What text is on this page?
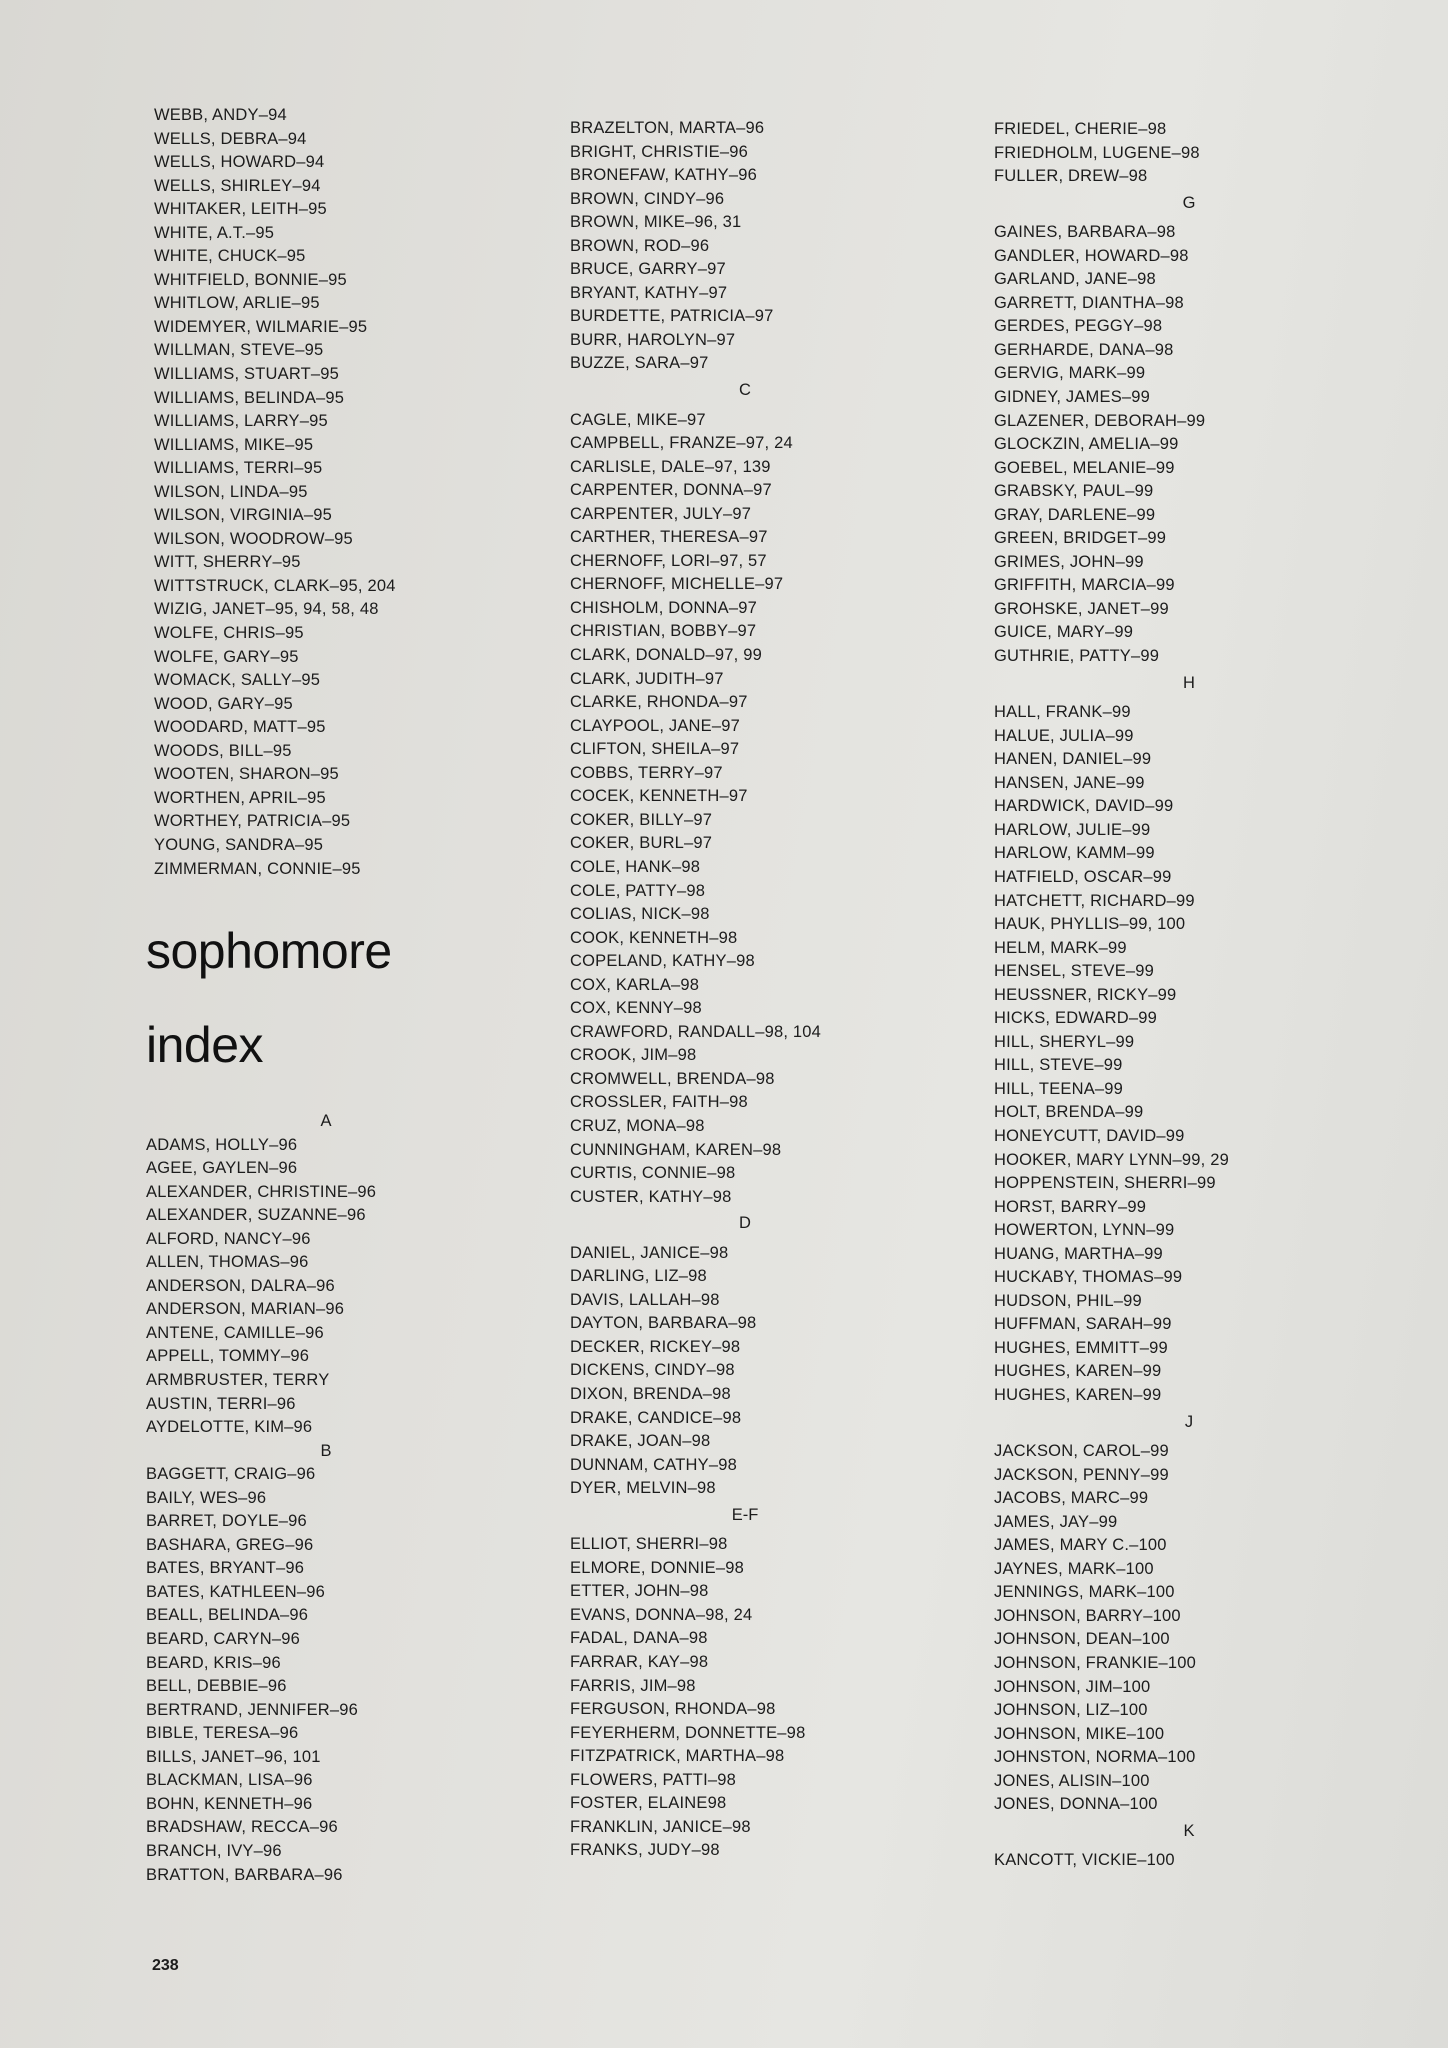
WEBB, ANDY–94
WELLS, DEBRA–94
WELLS, HOWARD–94
WELLS, SHIRLEY–94
WHITAKER, LEITH–95
WHITE, A.T.–95
WHITE, CHUCK–95
WHITFIELD, BONNIE–95
WHITLOW, ARLIE–95
WIDEMYER, WILMARIE–95
WILLMAN, STEVE–95
WILLIAMS, STUART–95
WILLIAMS, BELINDA–95
WILLIAMS, LARRY–95
WILLIAMS, MIKE–95
WILLIAMS, TERRI–95
WILSON, LINDA–95
WILSON, VIRGINIA–95
WILSON, WOODROW–95
WITT, SHERRY–95
WITTSTRUCK, CLARK–95, 204
WIZIG, JANET–95, 94, 58, 48
WOLFE, CHRIS–95
WOLFE, GARY–95
WOMACK, SALLY–95
WOOD, GARY–95
WOODARD, MATT–95
WOODS, BILL–95
WOOTEN, SHARON–95
WORTHEN, APRIL–95
WORTHEY, PATRICIA–95
YOUNG, SANDRA–95
ZIMMERMAN, CONNIE–95
sophomore
index
A
ADAMS, HOLLY–96
AGEE, GAYLEN–96
ALEXANDER, CHRISTINE–96
ALEXANDER, SUZANNE–96
ALFORD, NANCY–96
ALLEN, THOMAS–96
ANDERSON, DALRA–96
ANDERSON, MARIAN–96
ANTENE, CAMILLE–96
APPELL, TOMMY–96
ARMBRUSTER, TERRY
AUSTIN, TERRI–96
AYDELOTTE, KIM–96
B
BAGGETT, CRAIG–96
BAILY, WES–96
BARRET, DOYLE–96
BASHARA, GREG–96
BATES, BRYANT–96
BATES, KATHLEEN–96
BEALL, BELINDA–96
BEARD, CARYN–96
BEARD, KRIS–96
BELL, DEBBIE–96
BERTRAND, JENNIFER–96
BIBLE, TERESA–96
BILLS, JANET–96, 101
BLACKMAN, LISA–96
BOHN, KENNETH–96
BRADSHAW, RECCA–96
BRANCH, IVY–96
BRATTON, BARBARA–96
BRAZELTON, MARTA–96
BRIGHT, CHRISTIE–96
BRONEFAW, KATHY–96
BROWN, CINDY–96
BROWN, MIKE–96, 31
BROWN, ROD–96
BRUCE, GARRY–97
BRYANT, KATHY–97
BURDETTE, PATRICIA–97
BURR, HAROLYN–97
BUZZE, SARA–97
C
CAGLE, MIKE–97
CAMPBELL, FRANZE–97, 24
CARLISLE, DALE–97, 139
CARPENTER, DONNA–97
CARPENTER, JULY–97
CARTHER, THERESA–97
CHERNOFF, LORI–97, 57
CHERNOFF, MICHELLE–97
CHISHOLM, DONNA–97
CHRISTIAN, BOBBY–97
CLARK, DONALD–97, 99
CLARK, JUDITH–97
CLARKE, RHONDA–97
CLAYPOOL, JANE–97
CLIFTON, SHEILA–97
COBBS, TERRY–97
COCEK, KENNETH–97
COKER, BILLY–97
COKER, BURL–97
COLE, HANK–98
COLE, PATTY–98
COLIAS, NICK–98
COOK, KENNETH–98
COPELAND, KATHY–98
COX, KARLA–98
COX, KENNY–98
CRAWFORD, RANDALL–98, 104
CROOK, JIM–98
CROMWELL, BRENDA–98
CROSSLER, FAITH–98
CRUZ, MONA–98
CUNNINGHAM, KAREN–98
CURTIS, CONNIE–98
CUSTER, KATHY–98
D
DANIEL, JANICE–98
DARLING, LIZ–98
DAVIS, LALLAH–98
DAYTON, BARBARA–98
DECKER, RICKEY–98
DICKENS, CINDY–98
DIXON, BRENDA–98
DRAKE, CANDICE–98
DRAKE, JOAN–98
DUNNAM, CATHY–98
DYER, MELVIN–98
E-F
ELLIOT, SHERRI–98
ELMORE, DONNIE–98
ETTER, JOHN–98
EVANS, DONNA–98, 24
FADAL, DANA–98
FARRAR, KAY–98
FARRIS, JIM–98
FERGUSON, RHONDA–98
FEYERHERM, DONNETTE–98
FITZPATRICK, MARTHA–98
FLOWERS, PATTI–98
FOSTER, ELAINE98
FRANKLIN, JANICE–98
FRANKS, JUDY–98
FRIEDEL, CHERIE–98
FRIEDHOLM, LUGENE–98
FULLER, DREW–98
G
GAINES, BARBARA–98
GANDLER, HOWARD–98
GARLAND, JANE–98
GARRETT, DIANTHA–98
GERDES, PEGGY–98
GERHARDE, DANA–98
GERVIG, MARK–99
GIDNEY, JAMES–99
GLAZENER, DEBORAH–99
GLOCKZIN, AMELIA–99
GOEBEL, MELANIE–99
GRABSKY, PAUL–99
GRAY, DARLENE–99
GREEN, BRIDGET–99
GRIMES, JOHN–99
GRIFFITH, MARCIA–99
GROHSKE, JANET–99
GUICE, MARY–99
GUTHRIE, PATTY–99
H
HALL, FRANK–99
HALUE, JULIA–99
HANEN, DANIEL–99
HANSEN, JANE–99
HARDWICK, DAVID–99
HARLOW, JULIE–99
HARLOW, KAMM–99
HATFIELD, OSCAR–99
HATCHETT, RICHARD–99
HAUK, PHYLLIS–99, 100
HELM, MARK–99
HENSEL, STEVE–99
HEUSSNER, RICKY–99
HICKS, EDWARD–99
HILL, SHERYL–99
HILL, STEVE–99
HILL, TEENA–99
HOLT, BRENDA–99
HONEYCUTT, DAVID–99
HOOKER, MARY LYNN–99, 29
HOPPENSTEIN, SHERRI–99
HORST, BARRY–99
HOWERTON, LYNN–99
HUANG, MARTHA–99
HUCKABY, THOMAS–99
HUDSON, PHIL–99
HUFFMAN, SARAH–99
HUGHES, EMMITT–99
HUGHES, KAREN–99
HUGHES, KAREN–99
J
JACKSON, CAROL–99
JACKSON, PENNY–99
JACOBS, MARC–99
JAMES, JAY–99
JAMES, MARY C.–100
JAYNES, MARK–100
JENNINGS, MARK–100
JOHNSON, BARRY–100
JOHNSON, DEAN–100
JOHNSON, FRANKIE–100
JOHNSON, JIM–100
JOHNSON, LIZ–100
JOHNSON, MIKE–100
JOHNSTON, NORMA–100
JONES, ALISIN–100
JONES, DONNA–100
K
KANCOTT, VICKIE–100
238
